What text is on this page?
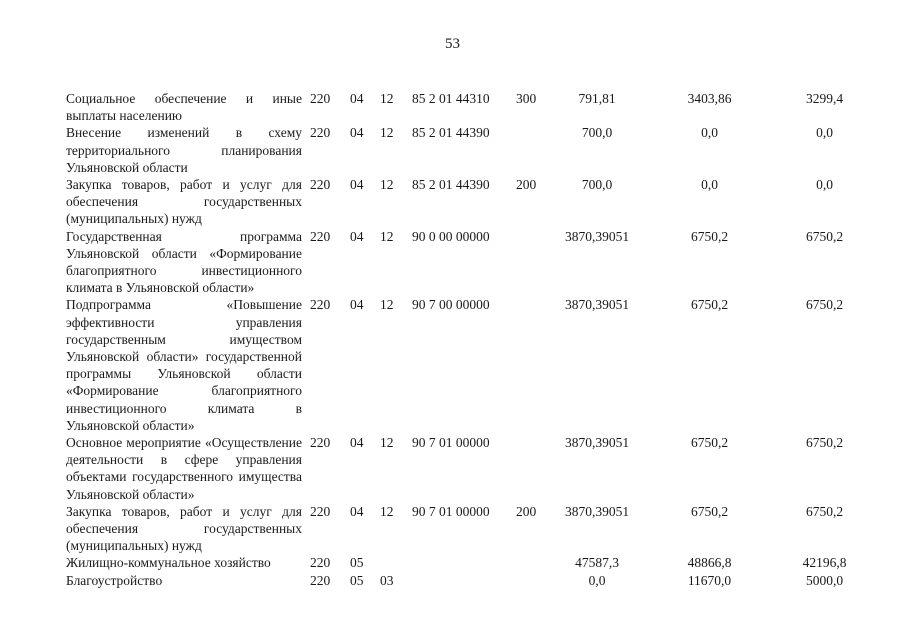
53
Социальное обеспечение и иные выплаты населению	220	04	12	85 2 01 44310	300	791,81	3403,86	3299,4
Внесение изменений в схему территориального планирования Ульяновской области	220	04	12	85 2 01 44390		700,0	0,0	0,0
Закупка товаров, работ и услуг для обеспечения государственных (муниципальных) нужд	220	04	12	85 2 01 44390	200	700,0	0,0	0,0
Государственная программа Ульяновской области «Формирование благоприятного инвестиционного климата в Ульяновской области»	220	04	12	90 0 00 00000		3870,39051	6750,2	6750,2
Подпрограмма «Повышение эффективности управления государственным имуществом Ульяновской области» государственной программы Ульяновской области «Формирование благоприятного инвестиционного климата в Ульяновской области»	220	04	12	90 7 00 00000		3870,39051	6750,2	6750,2
Основное мероприятие «Осуществление деятельности в сфере управления объектами государственного имущества Ульяновской области»	220	04	12	90 7 01 00000		3870,39051	6750,2	6750,2
Закупка товаров, работ и услуг для обеспечения государственных (муниципальных) нужд	220	04	12	90 7 01 00000	200	3870,39051	6750,2	6750,2
Жилищно-коммунальное хозяйство	220	05				47587,3	48866,8	42196,8
Благоустройство	220	05	03			0,0	11670,0	5000,0
